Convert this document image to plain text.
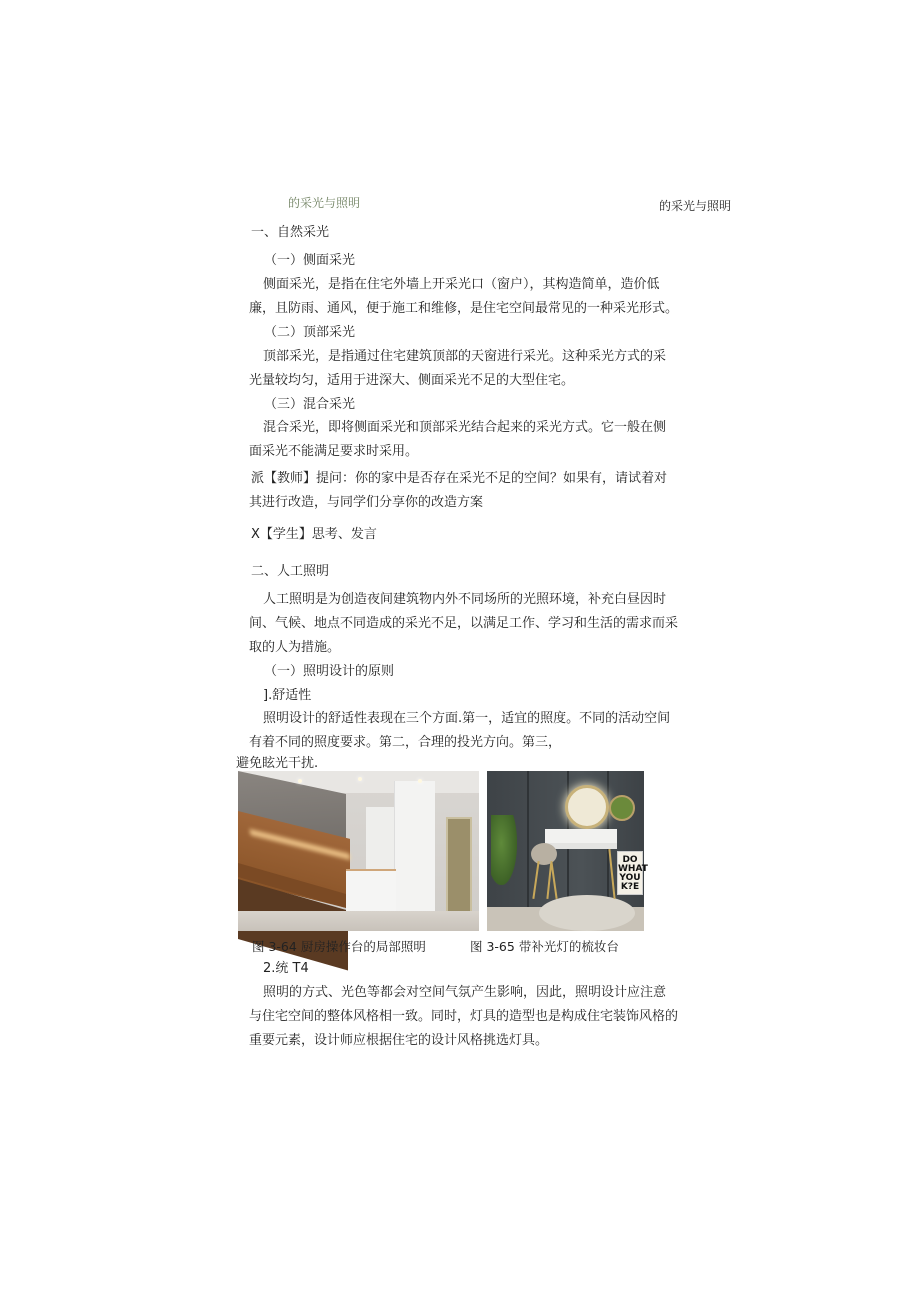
的采光与照明	的采光与照明
一、自然采光
（一）侧面采光
侧面采光，是指在住宅外墙上开采光口（窗户），其构造简单，造价低
廉，且防雨、通风，便于施工和维修，是住宅空间最常见的一种采光形式。
（二）顶部采光
顶部采光，是指通过住宅建筑顶部的天窗进行采光。这种采光方式的采
光量较均匀，适用于进深大、侧面采光不足的大型住宅。
（三）混合采光
混合采光，即将侧面采光和顶部采光结合起来的采光方式。它一般在侧
面采光不能满足要求时采用。
派【教师】提问：你的家中是否存在采光不足的空间？如果有，请试着对
其进行改造，与同学们分享你的改造方案
X【学生】思考、发言
二、人工照明
人工照明是为创造夜间建筑物内外不同场所的光照环境，补充白昼因时
间、气候、地点不同造成的采光不足，以满足工作、学习和生活的需求而采
取的人为措施。
（一）照明设计的原则
].舒适性
照明设计的舒适性表现在三个方面.第一，适宜的照度。不同的活动空间
有着不同的照度要求。第二，合理的投光方向。第三，
避免眩光干扰.
DO
WHAT
YOU
K?E
图 3-64 厨房操作台的局部照明	图 3-65 带补光灯的梳妆台
2.统 T4
照明的方式、光色等都会对空间气氛产生影响，因此，照明设计应注意
与住宅空间的整体风格相一致。同时，灯具的造型也是构成住宅装饰风格的
重要元素，设计师应根据住宅的设计风格挑选灯具。
